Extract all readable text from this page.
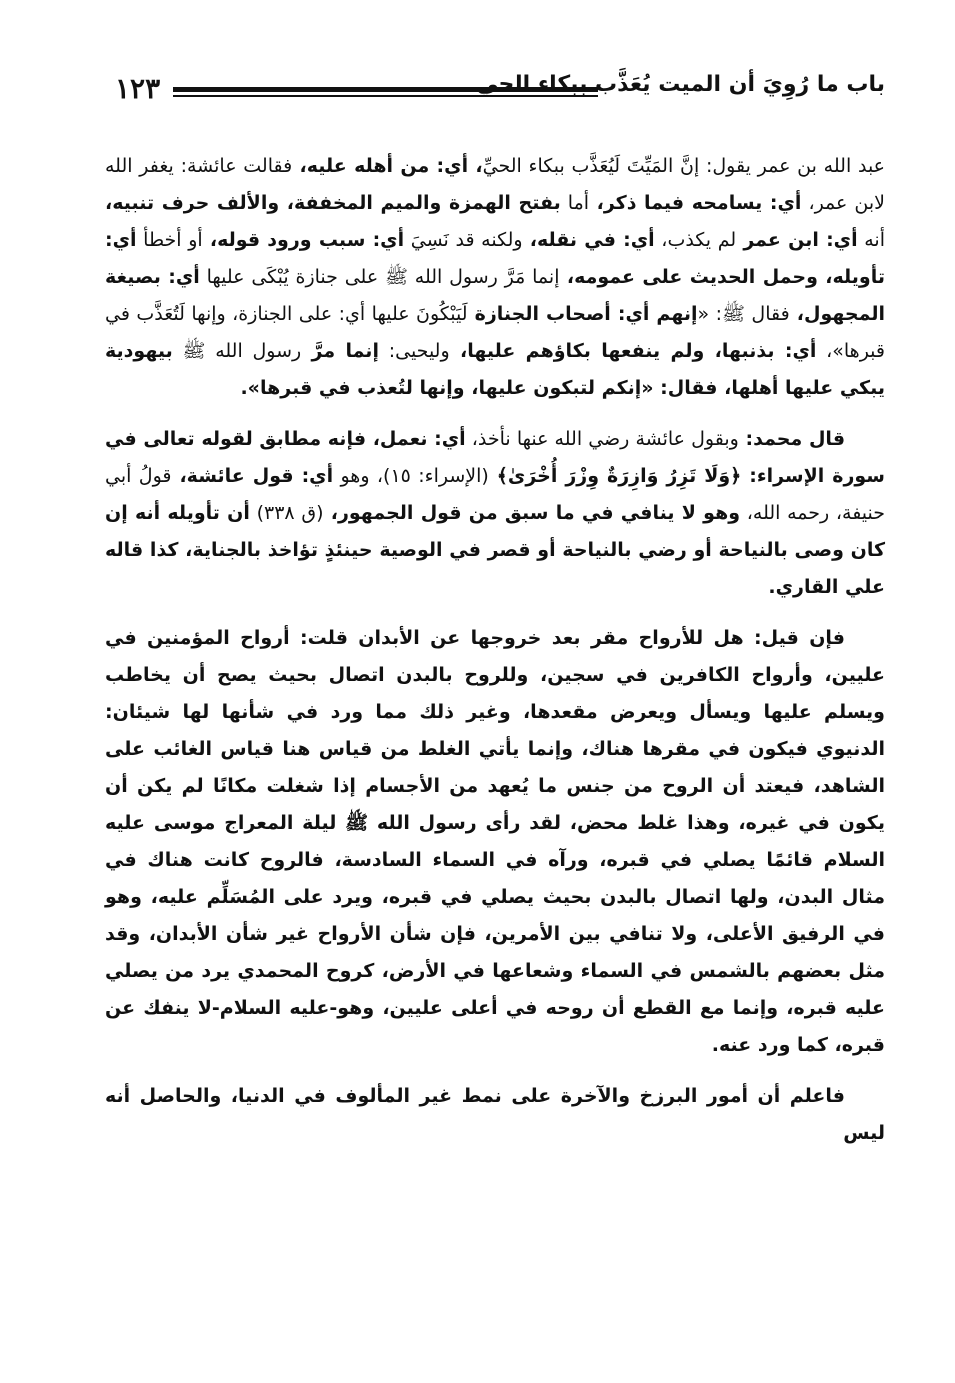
١٢٣	باب ما رُوِيَ أن الميت يُعَذَّب ببكاء الحي

عبد الله بن عمر يقول: إنَّ المَيِّتَ لَيُعَذَّب ببكاء الحيِّ، أي: من أهله عليه، فقالت عائشة: يغفر الله لابن عمر، أي: يسامحه فيما ذكر، أما بفتح الهمزة والميم المخففة، والألف حرف تنبيه، أنه أي: ابن عمر لم يكذب، أي: في نقله، ولكنه قد نَسِيَ أي: سبب ورود قوله، أو أخطأ أي: تأويله، وحمل الحديث على عمومه، إنما مَرَّ رسول الله ﷺ على جنازة يُبْكَى عليها أي: بصيغة المجهول، فقال ﷺ: «إنهم أي: أصحاب الجنازة لَيَبْكُونَ عليها أي: على الجنازة، وإنها لَتُعَذَّب في قبرها»، أي: بذنبها، ولم ينفعها بكاؤهم عليها، وليحيى: إنما مرَّ رسول الله ﷺ بيهودية يبكي عليها أهلها، فقال: «إنكم لتبكون عليها، وإنها لتُعذب في قبرها».

قال محمد: وبقول عائشة رضي الله عنها نأخذ، أي: نعمل، فإنه مطابق لقوله تعالى في سورة الإسراء: ﴿وَلَا تَزِرُ وَازِرَةٌ وِزْرَ أُخْرَىٰ﴾ (الإسراء: ١٥)، وهو أي: قول عائشة، قولُ أبي حنيفة، رحمه الله، وهو لا ينافي في ما سبق من قول الجمهور، (ق ٣٣٨) أن تأويله أنه إن كان وصى بالنياحة أو رضي بالنياحة أو قصر في الوصية حينئذٍ تؤاخذ بالجناية، كذا قاله علي القاري.

فإن قيل: هل للأرواح مقر بعد خروجها عن الأبدان قلت: أرواح المؤمنين في عليين، وأرواح الكافرين في سجين، وللروح بالبدن اتصال بحيث يصح أن يخاطب ويسلم عليها ويسأل ويعرض مقعدها، وغير ذلك مما ورد في شأنها لها شيئان: الدنيوي فيكون في مقرها هناك، وإنما يأتي الغلط من قياس هنا قياس الغائب على الشاهد، فيعتد أن الروح من جنس ما يُعهد من الأجسام إذا شغلت مكانًا لم يكن أن يكون في غيره، وهذا غلط محض، لقد رأى رسول الله ﷺ ليلة المعراج موسى عليه السلام قائمًا يصلي في قبره، ورآه في السماء السادسة، فالروح كانت هناك في مثال البدن، ولها اتصال بالبدن بحيث يصلي في قبره، ويرد على المُسَلِّم عليه، وهو في الرفيق الأعلى، ولا تنافي بين الأمرين، فإن شأن الأرواح غير شأن الأبدان، وقد مثل بعضهم بالشمس في السماء وشعاعها في الأرض، كروح المحمدي يرد من يصلي عليه قبره، وإنما مع القطع أن روحه في أعلى عليين، وهو-عليه السلام-لا ينفك عن قبره، كما ورد عنه.

فاعلم أن أمور البرزخ والآخرة على نمط غير المألوف في الدنيا، والحاصل أنه ليس
